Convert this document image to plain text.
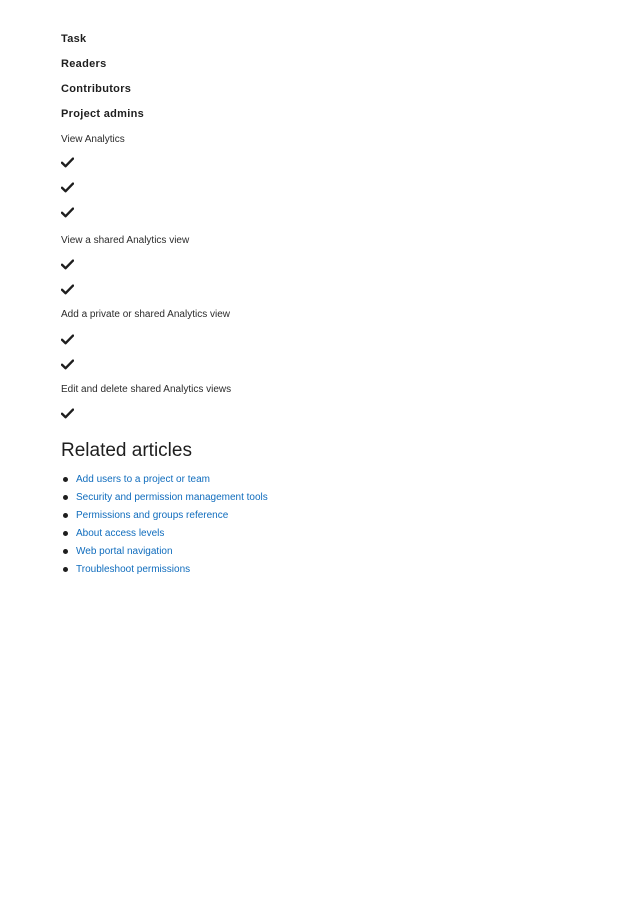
Task
Readers
Contributors
Project admins
View Analytics
View a shared Analytics view
Add a private or shared Analytics view
Edit and delete shared Analytics views
Related articles
Add users to a project or team
Security and permission management tools
Permissions and groups reference
About access levels
Web portal navigation
Troubleshoot permissions
